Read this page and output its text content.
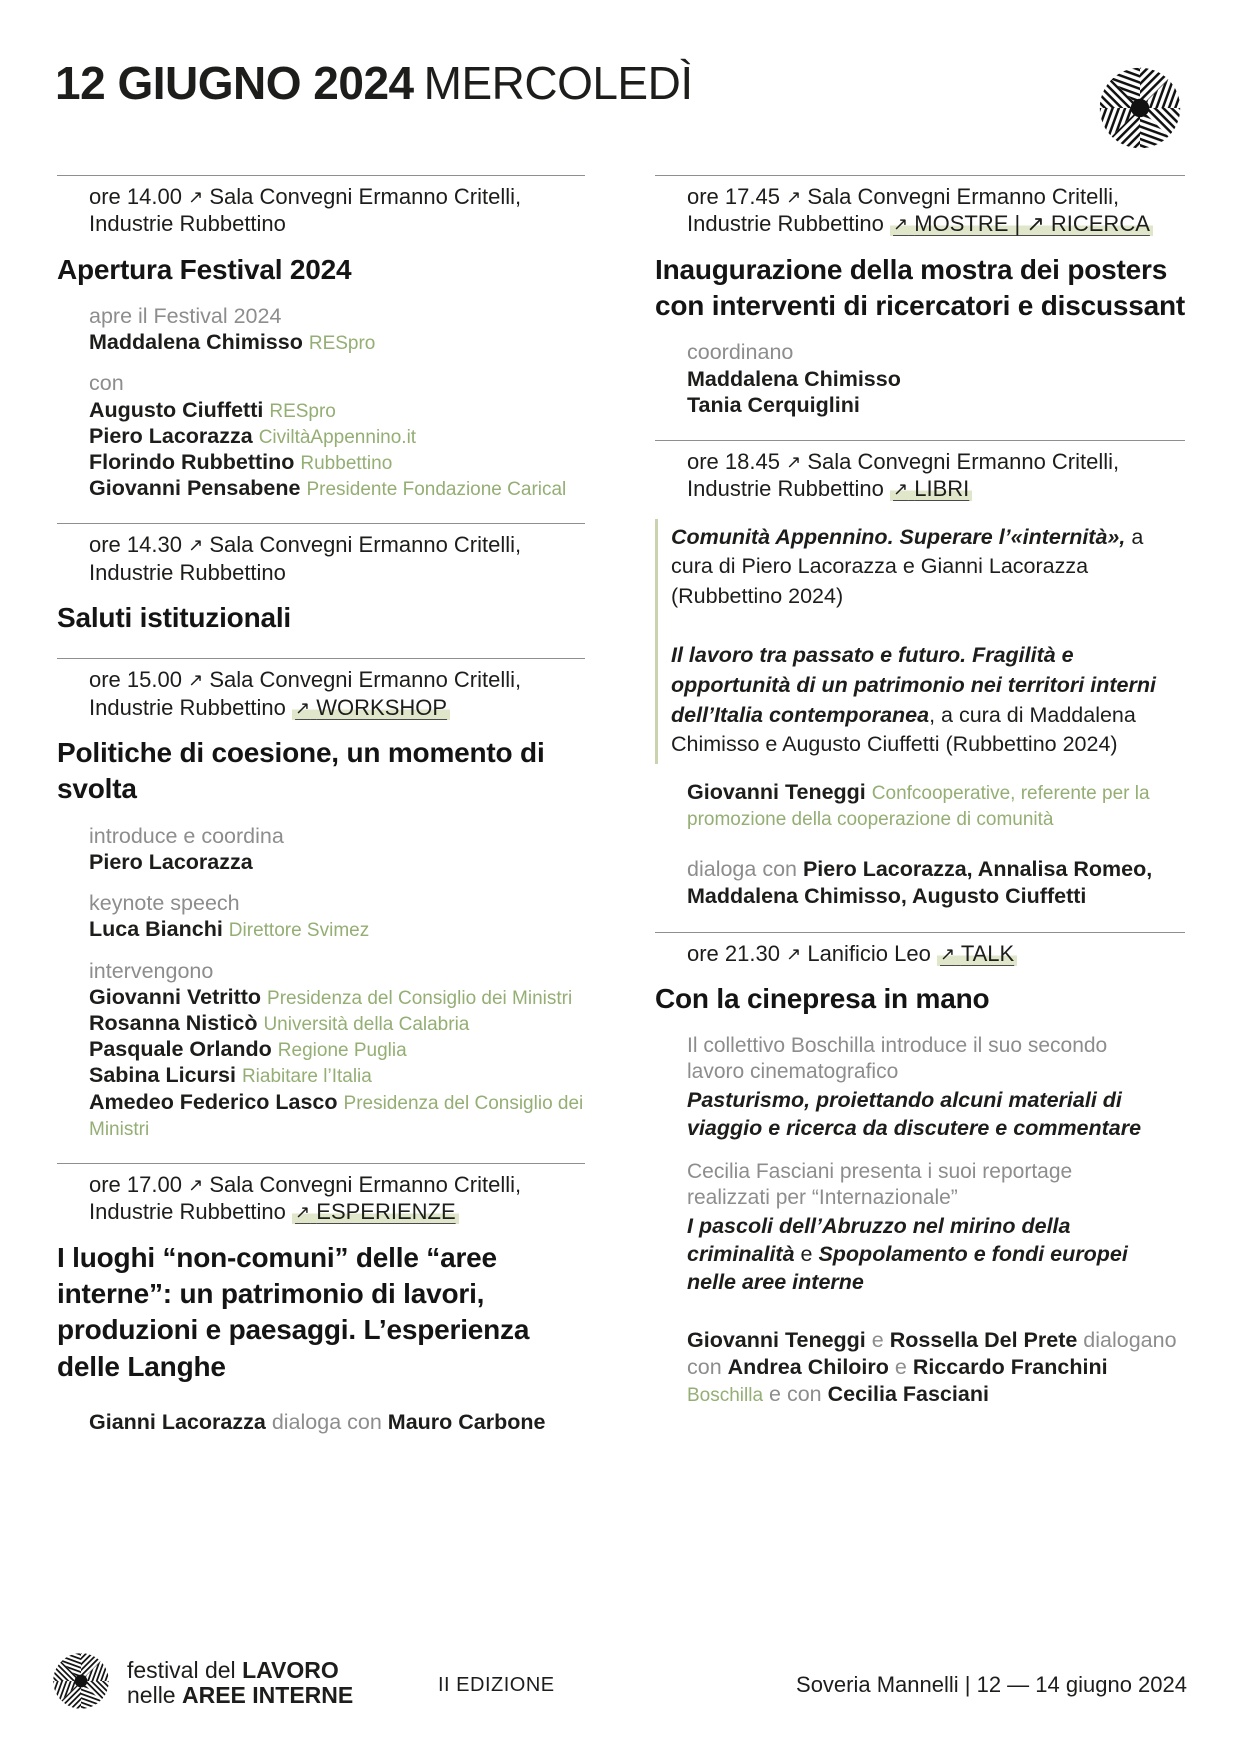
12 GIUGNO 2024 MERCOLEDÌ

ore 14.00 ↗ Sala Convegni Ermanno Critelli, Industrie Rubbettino

Apertura Festival 2024

apre il Festival 2024

Maddalena Chimisso RESpro

con

Augusto Ciuffetti RESpro

Piero Lacorazza CiviltàAppennino.it

Florindo Rubbettino Rubbettino

Giovanni Pensabene Presidente Fondazione Carical

ore 14.30 ↗ Sala Convegni Ermanno Critelli, Industrie Rubbettino

Saluti istituzionali

ore 15.00 ↗ Sala Convegni Ermanno Critelli, Industrie Rubbettino ↗ WORKSHOP

Politiche di coesione, un momento di svolta

introduce e coordina

Piero Lacorazza

keynote speech

Luca Bianchi Direttore Svimez

intervengono

Giovanni Vetritto Presidenza del Consiglio dei Ministri

Rosanna Nisticò Università della Calabria

Pasquale Orlando Regione Puglia

Sabina Licursi Riabitare l’Italia

Amedeo Federico Lasco Presidenza del Consiglio dei Ministri

ore 17.00 ↗ Sala Convegni Ermanno Critelli, Industrie Rubbettino ↗ ESPERIENZE

I luoghi “non-comuni” delle “aree interne”: un patrimonio di lavori, produzioni e paesaggi. L’esperienza delle Langhe

Gianni Lacorazza dialoga con Mauro Carbone

ore 17.45 ↗ Sala Convegni Ermanno Critelli, Industrie Rubbettino ↗ MOSTRE | ↗ RICERCA

Inaugurazione della mostra dei posters con interventi di ricercatori e discussant

coordinano

Maddalena Chimisso

Tania Cerquiglini

ore 18.45 ↗ Sala Convegni Ermanno Critelli, Industrie Rubbettino ↗ LIBRI

Comunità Appennino. Superare l’«internità», a cura di Piero Lacorazza e Gianni Lacorazza (Rubbettino 2024)

Il lavoro tra passato e futuro. Fragilità e opportunità di un patrimonio nei territori interni dell’Italia contemporanea, a cura di Maddalena Chimisso e Augusto Ciuffetti (Rubbettino 2024)

Giovanni Teneggi Confcooperative, referente per la promozione della cooperazione di comunità

dialoga con Piero Lacorazza, Annalisa Romeo, Maddalena Chimisso, Augusto Ciuffetti

ore 21.30 ↗ Lanificio Leo ↗ TALK

Con la cinepresa in mano

Il collettivo Boschilla introduce il suo secondo lavoro cinematografico

Pasturismo, proiettando alcuni materiali di viaggio e ricerca da discutere e commentare

Cecilia Fasciani presenta i suoi reportage realizzati per “Internazionale”

I pascoli dell’Abruzzo nel mirino della criminalità e Spopolamento e fondi europei nelle aree interne

Giovanni Teneggi e Rossella Del Prete dialogano con Andrea Chiloiro e Riccardo Franchini Boschilla e con Cecilia Fasciani

festival del LAVORO

nelle AREE INTERNE	II EDIZIONE	Soveria Mannelli | 12 — 14 giugno 2024
